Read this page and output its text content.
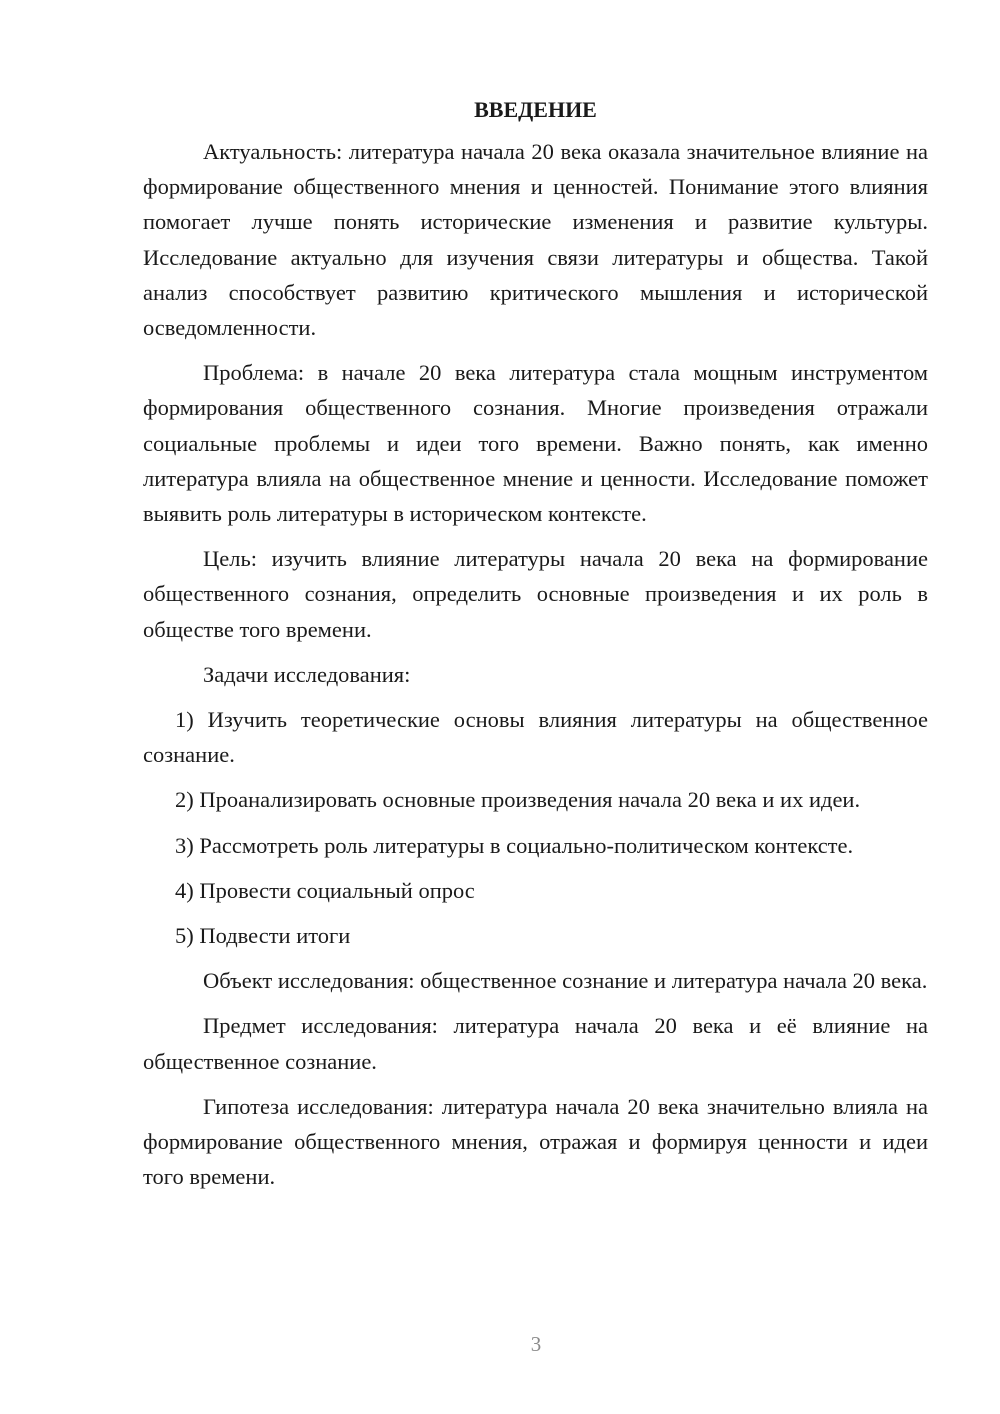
ВВЕДЕНИЕ

Актуальность: литература начала 20 века оказала значительное влияние на формирование общественного мнения и ценностей. Понимание этого влияния помогает лучше понять исторические изменения и развитие культуры. Исследование актуально для изучения связи литературы и общества. Такой анализ способствует развитию критического мышления и исторической осведомленности.

Проблема: в начале 20 века литература стала мощным инструментом формирования общественного сознания. Многие произведения отражали социальные проблемы и идеи того времени. Важно понять, как именно литература влияла на общественное мнение и ценности. Исследование поможет выявить роль литературы в историческом контексте.

Цель: изучить влияние литературы начала 20 века на формирование общественного сознания, определить основные произведения и их роль в обществе того времени.

Задачи исследования:

1) Изучить теоретические основы влияния литературы на общественное сознание.

2) Проанализировать основные произведения начала 20 века и их идеи.

3) Рассмотреть роль литературы в социально-политическом контексте.

4) Провести социальный опрос

5) Подвести итоги

Объект исследования: общественное сознание и литература начала 20 века.

Предмет исследования: литература начала 20 века и её влияние на общественное сознание.

Гипотеза исследования: литература начала 20 века значительно влияла на формирование общественного мнения, отражая и формируя ценности и идеи того времени.

3
